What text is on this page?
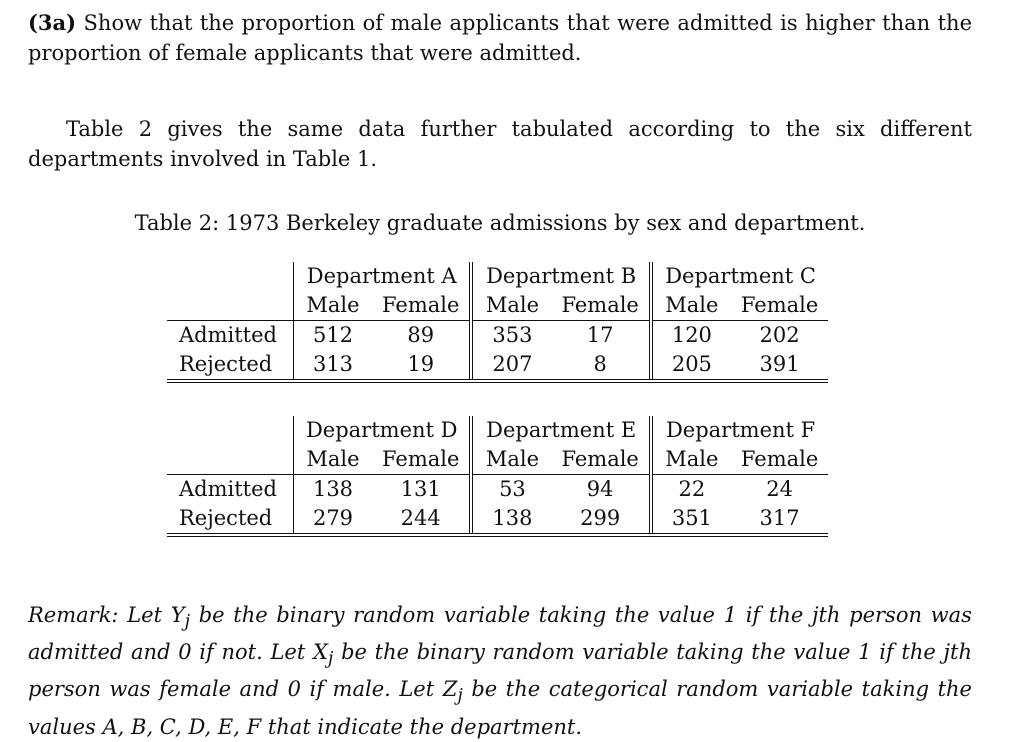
(3a) Show that the proportion of male applicants that were admitted is higher than the proportion of female applicants that were admitted.
Table 2 gives the same data further tabulated according to the six different departments involved in Table 1.
Table 2: 1973 Berkeley graduate admissions by sex and department.
	Department A		Department B		Department C	
	Male	Female	Male	Female	Male	Female
Admitted	512	89	353	17	120	202
Rejected	313	19	207	8	205	391
	Department D		Department E		Department F	
	Male	Female	Male	Female	Male	Female
Admitted	138	131	53	94	22	24
Rejected	279	244	138	299	351	317
Remark: Let $Y_j$ be the binary random variable taking the value 1 if the jth person was admitted and 0 if not. Let $X_j$ be the binary random variable taking the value 1 if the jth person was female and 0 if male. Let $Z_j$ be the categorical random variable taking the values A, B, C, D, E, F that indicate the department.
